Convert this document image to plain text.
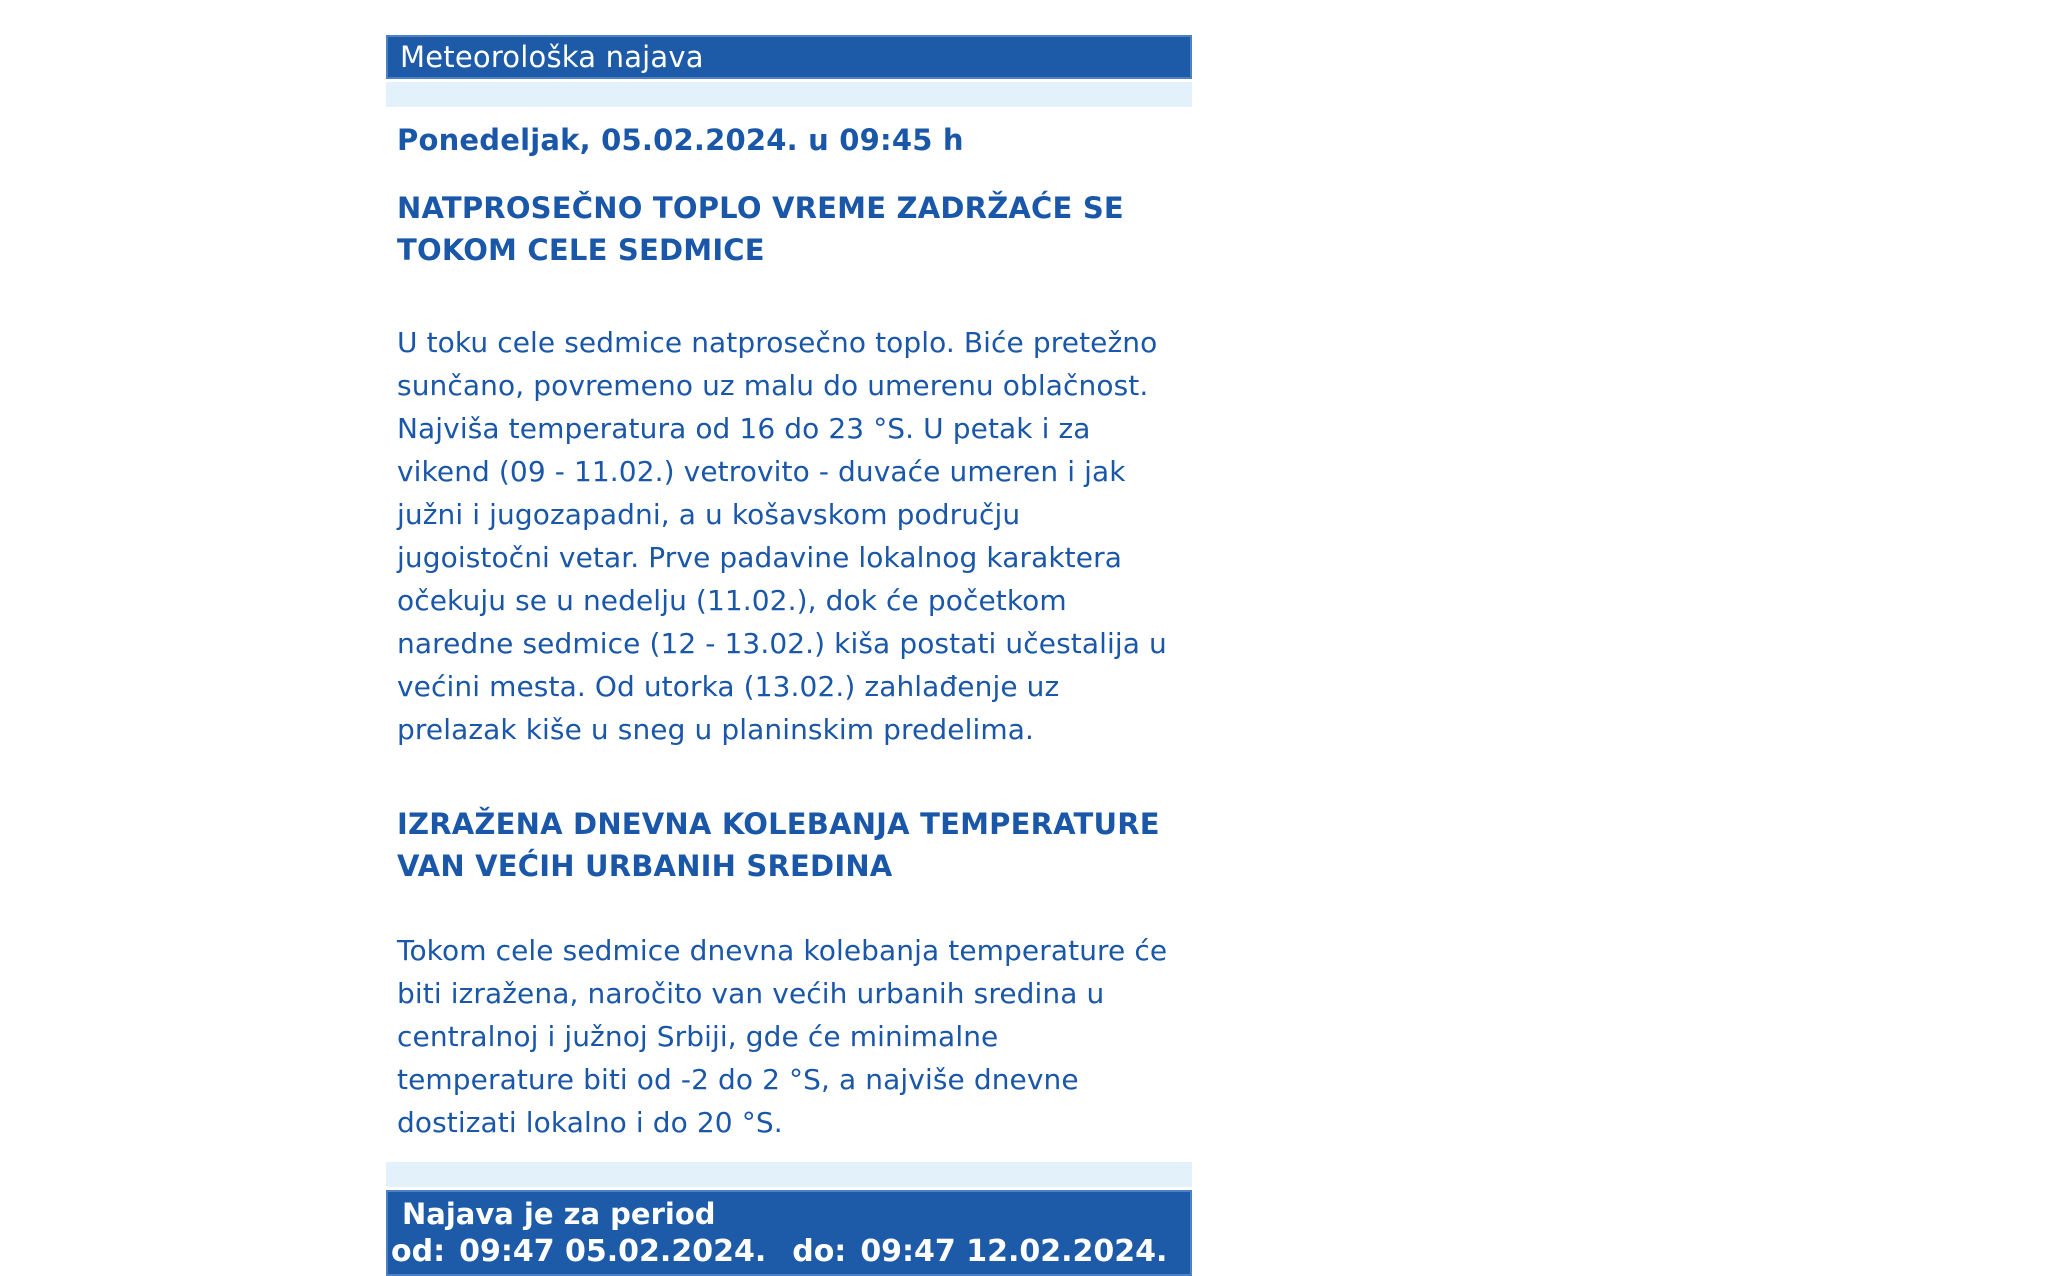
Meteorološka najava
Ponedeljak, 05.02.2024. u 09:45 h
NATPROSEČNO TOPLO VREME ZADRŽAĆE SE TOKOM CELE SEDMICE

U toku cele sedmice natprosečno toplo. Biće pretežno sunčano, povremeno uz malu do umerenu oblačnost. Najviša temperatura od 16 do 23 °S. U petak i za vikend (09 - 11.02.) vetrovito - duvaće umeren i jak južni i jugozapadni, a u košavskom području jugoistočni vetar. Prve padavine lokalnog karaktera očekuju se u nedelju (11.02.), dok će početkom naredne sedmice (12 - 13.02.) kiša postati učestalija u većini mesta. Od utorka (13.02.) zahlađenje uz prelazak kiše u sneg u planinskim predelima.

IZRAŽENA DNEVNA KOLEBANJA TEMPERATURE VAN VEĆIH URBANIH SREDINA

Tokom cele sedmice dnevna kolebanja temperature će biti izražena, naročito van većih urbanih sredina u centralnoj i južnoj Srbiji, gde će minimalne temperature biti od -2 do 2 °S, a najviše dnevne dostizati lokalno i do 20 °S.

Najava je za period
od: 09:47 05.02.2024. do: 09:47 12.02.2024.
